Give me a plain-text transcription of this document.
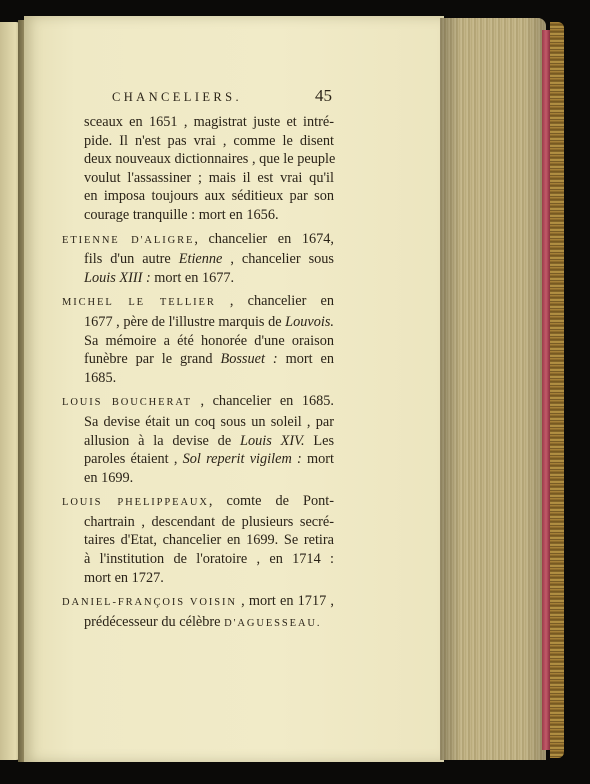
CHANCELIERS.	45
sceaux en 1651 , magistrat juste et intré-
pide. Il n'est pas vrai , comme le disent
deux nouveaux dictionnaires , que le peuple
voulut l'assassiner ; mais il est vrai qu'il
en imposa toujours aux séditieux par son
courage tranquille : mort en 1656.
ETIENNE D'ALIGRE, chancelier en 1674,
fils d'un autre Etienne , chancelier sous
Louis XIII : mort en 1677.
MICHEL LE TELLIER , chancelier en
1677 , père de l'illustre marquis de Louvois.
Sa mémoire a été honorée d'une oraison
funèbre par le grand Bossuet : mort en
1685.
LOUIS BOUCHERAT , chancelier en 1685.
Sa devise était un coq sous un soleil , par
allusion à la devise de Louis XIV. Les
paroles étaient , Sol reperit vigilem : mort
en 1699.
LOUIS PHELIPPEAUX, comte de Pont-
chartrain , descendant de plusieurs secré-
taires d'Etat, chancelier en 1699. Se retira
à l'institution de l'oratoire , en 1714 :
mort en 1727.
DANIEL-FRANÇOIS VOISIN , mort en 1717 ,
prédécesseur du célèbre D'AGUESSEAU.
